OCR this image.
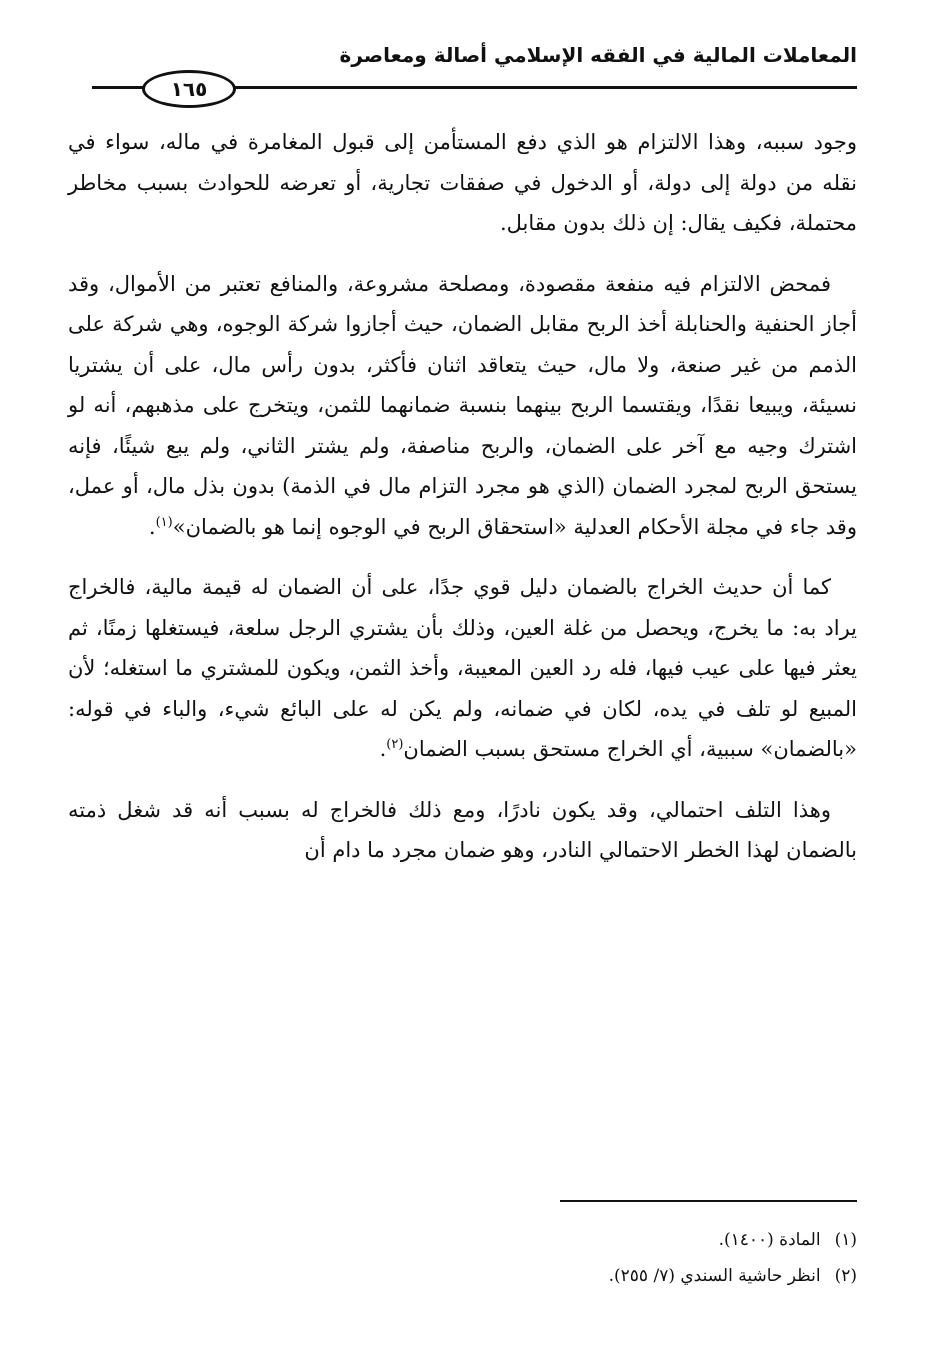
المعاملات المالية في الفقه الإسلامي أصالة ومعاصرة
١٦٥

وجود سببه، وهذا الالتزام هو الذي دفع المستأمن إلى قبول المغامرة في ماله، سواء في نقله من دولة إلى دولة، أو الدخول في صفقات تجارية، أو تعرضه للحوادث بسبب مخاطر محتملة، فكيف يقال: إن ذلك بدون مقابل.

فمحض الالتزام فيه منفعة مقصودة، ومصلحة مشروعة، والمنافع تعتبر من الأموال، وقد أجاز الحنفية والحنابلة أخذ الربح مقابل الضمان، حيث أجازوا شركة الوجوه، وهي شركة على الذمم من غير صنعة، ولا مال، حيث يتعاقد اثنان فأكثر، بدون رأس مال، على أن يشتريا نسيئة، ويبيعا نقدًا، ويقتسما الربح بينهما بنسبة ضمانهما للثمن، ويتخرج على مذهبهم، أنه لو اشترك وجيه مع آخر على الضمان، والربح مناصفة، ولم يشتر الثاني، ولم يبع شيئًا، فإنه يستحق الربح لمجرد الضمان (الذي هو مجرد التزام مال في الذمة) بدون بذل مال، أو عمل، وقد جاء في مجلة الأحكام العدلية «استحقاق الربح في الوجوه إنما هو بالضمان»$^{(١)}$.

كما أن حديث الخراج بالضمان دليل قوي جدًا، على أن الضمان له قيمة مالية، فالخراج يراد به: ما يخرج، ويحصل من غلة العين، وذلك بأن يشتري الرجل سلعة، فيستغلها زمنًا، ثم يعثر فيها على عيب فيها، فله رد العين المعيبة، وأخذ الثمن، ويكون للمشتري ما استغله؛ لأن المبيع لو تلف في يده، لكان في ضمانه، ولم يكن له على البائع شيء، والباء في قوله: «بالضمان» سببية، أي الخراج مستحق بسبب الضمان$^{(٢)}$.

وهذا التلف احتمالي، وقد يكون نادرًا، ومع ذلك فالخراج له بسبب أنه قد شغل ذمته بالضمان لهذا الخطر الاحتمالي النادر، وهو ضمان مجرد ما دام أن

(١)المادة (١٤٠٠).
(٢)انظر حاشية السندي (٧/ ٢٥٥).
